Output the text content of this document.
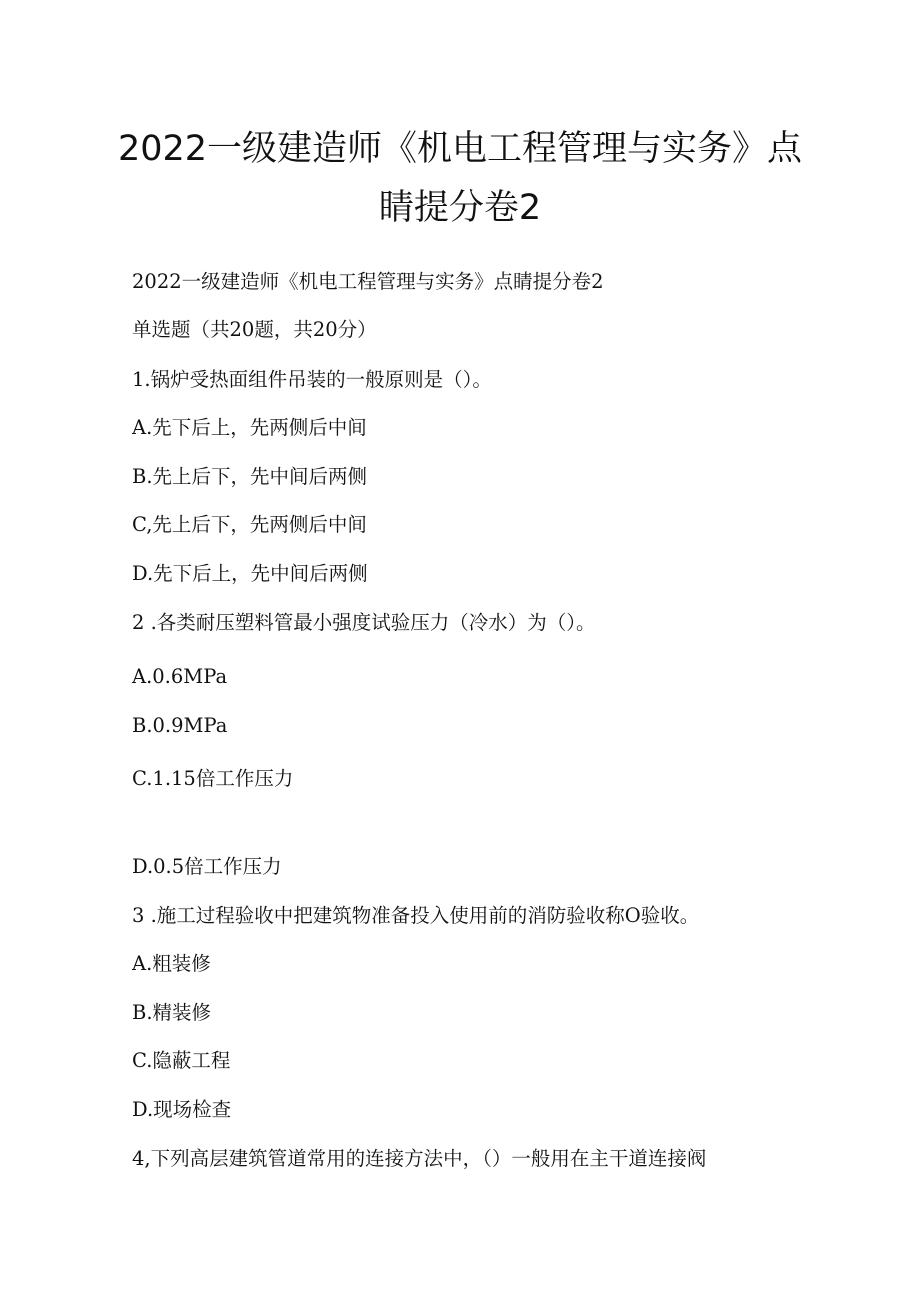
2022一级建造师《机电工程管理与实务》点
睛提分卷2
2022一级建造师《机电工程管理与实务》点睛提分卷2
单选题（共20题，共20分）
1.锅炉受热面组件吊装的一般原则是（）。
A.先下后上，先两侧后中间
B.先上后下，先中间后两侧
C,先上后下，先两侧后中间
D.先下后上，先中间后两侧
2 .各类耐压塑料管最小强度试验压力（冷水）为（）。
A.0.6MPa
B.0.9MPa
C.1.15倍工作压力
D.0.5倍工作压力
3 .施工过程验收中把建筑物准备投入使用前的消防验收称O验收。
A.粗装修
B.精装修
C.隐蔽工程
D.现场检查
4,下列高层建筑管道常用的连接方法中，（）一般用在主干道连接阀
